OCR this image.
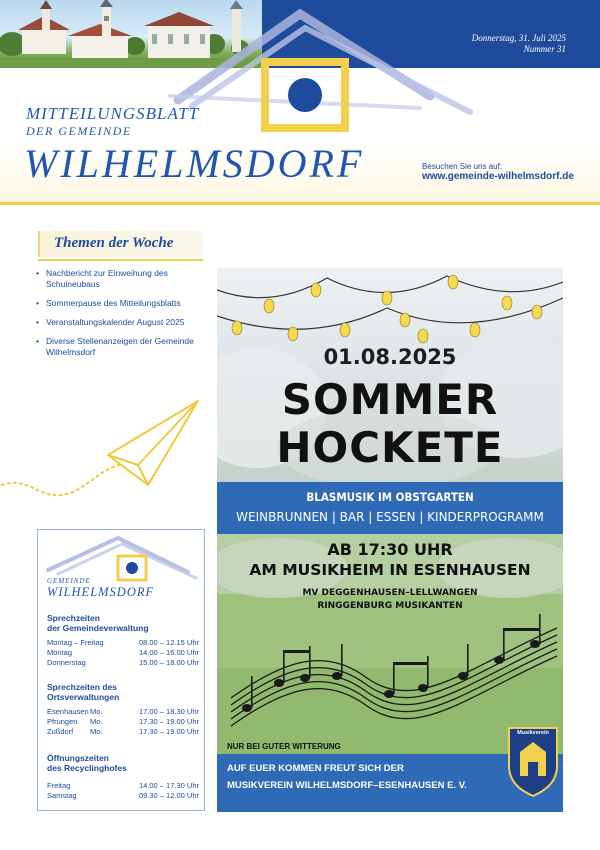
Donnerstag, 31. Juli 2025
Nummer 31
MITTEILUNGSBLATT
DER GEMEINDE
WILHELMSDORF	Besuchen Sie uns auf:
www.gemeinde-wilhelmsdorf.de
Themen der Woche
• Nachbericht zur Einweihung des Schulneubaus
• Sommerpause des Mitteilungsblatts
• Veranstaltungskalender August 2025
• Diverse Stellenanzeigen der Gemeinde Wilhelmsdorf
GEMEINDE
WILHELMSDORF
Sprechzeiten
der Gemeindeverwaltung
Montag – Freitag	08.00 – 12.15 Uhr
Montag	14.00 – 16.00 Uhr
Donnerstag	15.00 – 18.00 Uhr
Sprechzeiten des
Ortsverwaltungen
Esenhausen Mo.	17.00 – 18.30 Uhr
Pfrungen Mo.	17.30 – 19.00 Uhr
Zußdorf Mo.	17.30 – 19.00 Uhr
Öffnungszeiten
des Recyclinghofes
Freitag	14.00 – 17.30 Uhr
Samstag	09.30 – 12.00 Uhr
01.08.2025
SOMMER
HOCKETE
BLASMUSIK IM OBSTGARTEN
WEINBRUNNEN | BAR | ESSEN | KINDERPROGRAMM
AB 17:30 UHR
AM MUSIKHEIM IN ESENHAUSEN
MV DEGGENHAUSEN–LELLWANGEN
RINGGENBURG MUSIKANTEN
NUR BEI GUTER WITTERUNG
AUF EUER KOMMEN FREUT SICH DER
MUSIKVEREIN WILHELMSDORF–ESENHAUSEN E. V.
Musikverein
